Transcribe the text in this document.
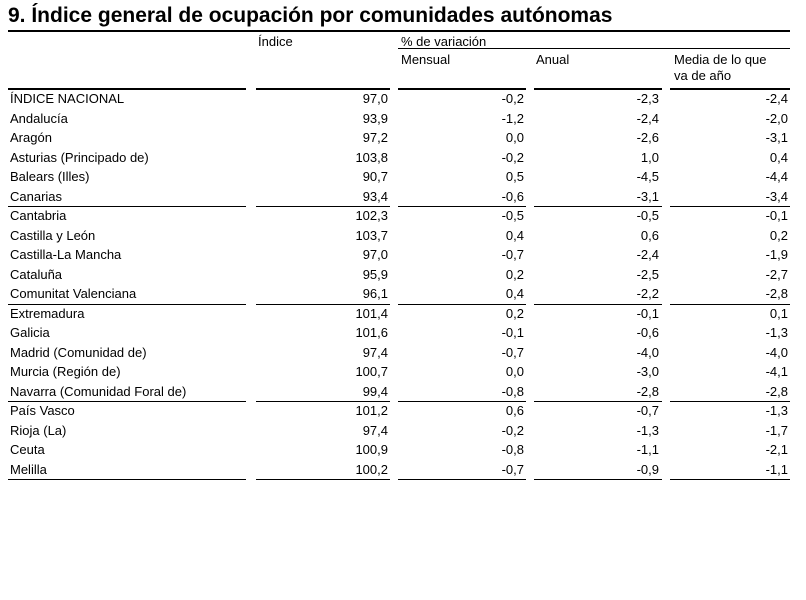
9. Índice general de ocupación por comunidades autónomas
Índice	% de variación
Mensual	Anual	Media de lo que
va de año
ÍNDICE NACIONAL	97,0	-0,2	-2,3	-2,4
Andalucía	93,9	-1,2	-2,4	-2,0
Aragón	97,2	0,0	-2,6	-3,1
Asturias (Principado de)	103,8	-0,2	1,0	0,4
Balears (Illes)	90,7	0,5	-4,5	-4,4
Canarias	93,4	-0,6	-3,1	-3,4
Cantabria	102,3	-0,5	-0,5	-0,1
Castilla y León	103,7	0,4	0,6	0,2
Castilla-La Mancha	97,0	-0,7	-2,4	-1,9
Cataluña	95,9	0,2	-2,5	-2,7
Comunitat Valenciana	96,1	0,4	-2,2	-2,8
Extremadura	101,4	0,2	-0,1	0,1
Galicia	101,6	-0,1	-0,6	-1,3
Madrid (Comunidad de)	97,4	-0,7	-4,0	-4,0
Murcia (Región de)	100,7	0,0	-3,0	-4,1
Navarra (Comunidad Foral de)	99,4	-0,8	-2,8	-2,8
País Vasco	101,2	0,6	-0,7	-1,3
Rioja (La)	97,4	-0,2	-1,3	-1,7
Ceuta	100,9	-0,8	-1,1	-2,1
Melilla	100,2	-0,7	-0,9	-1,1
